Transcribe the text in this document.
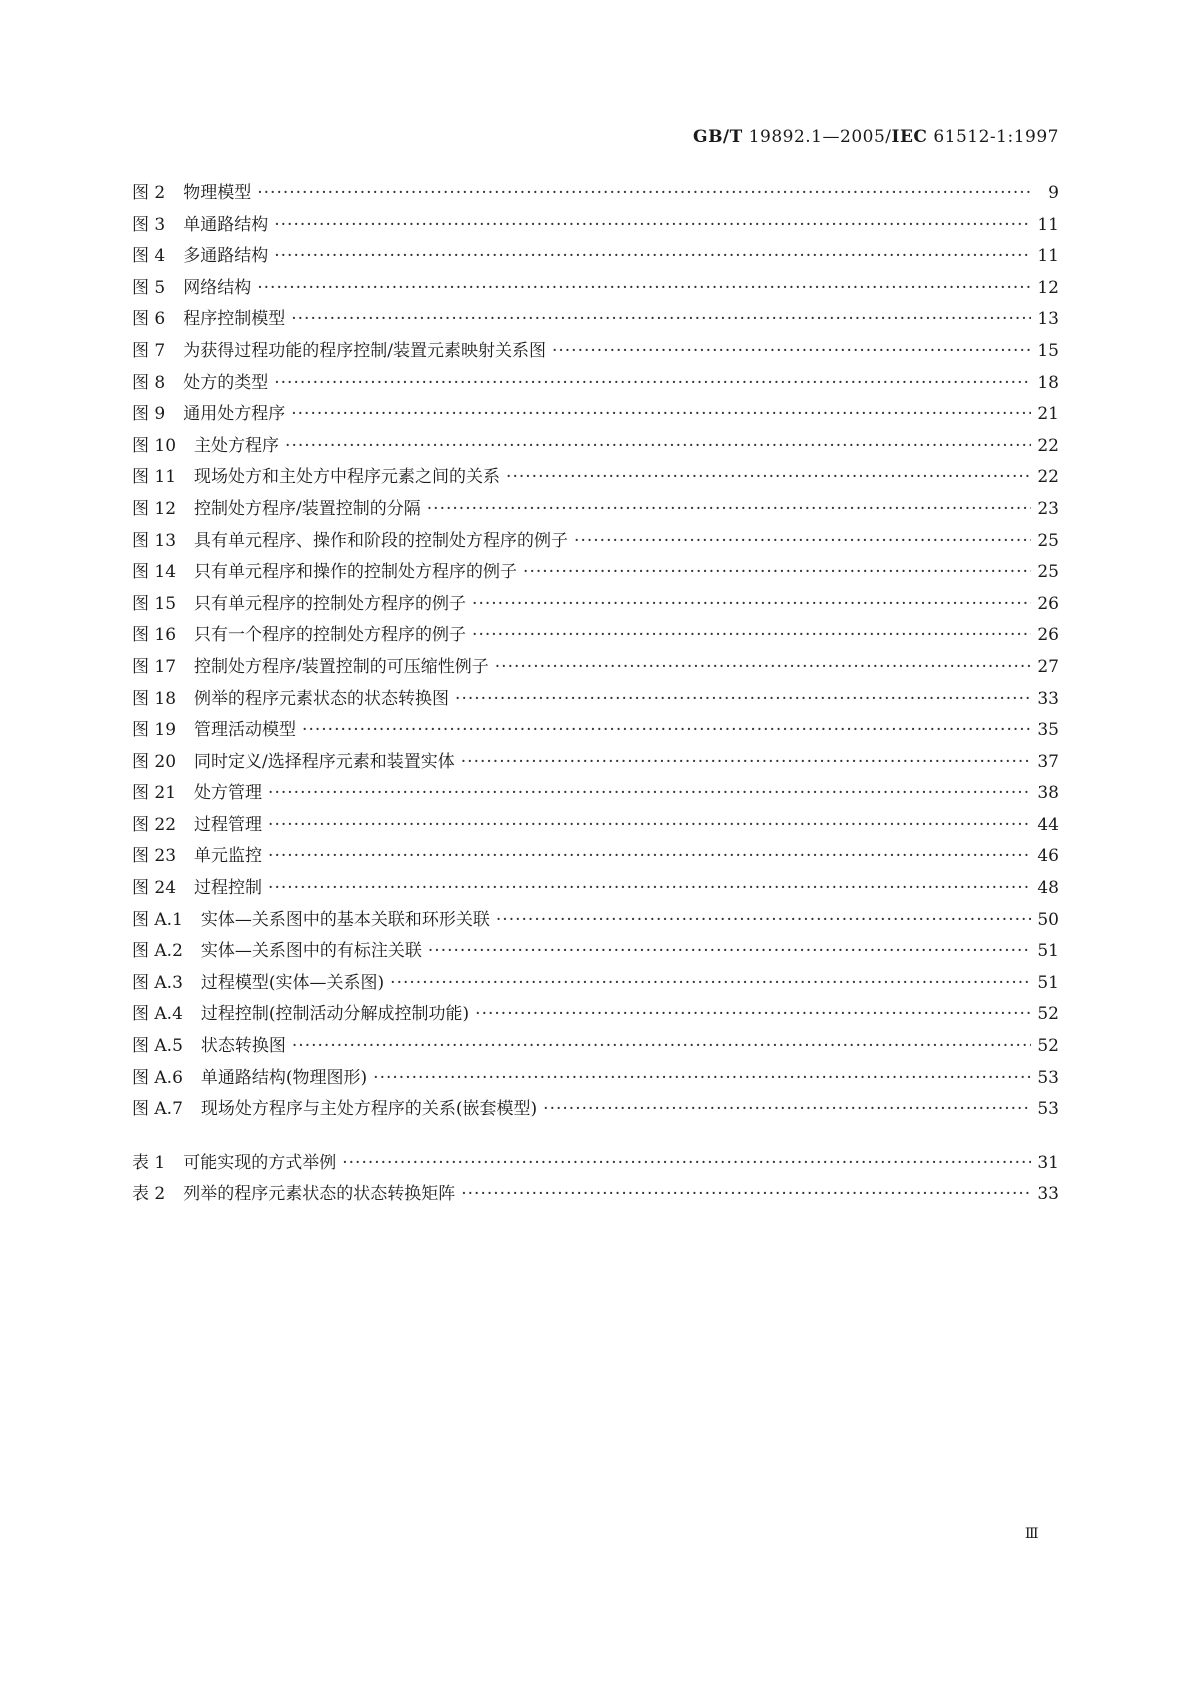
GB/T 19892.1—2005/IEC 61512-1:1997
图 2	物理模型 ·····	9
图 3	单通路结构 ·····	11
图 4	多通路结构 ·····	11
图 5	网络结构 ·····	12
图 6	程序控制模型 ·····	13
图 7	为获得过程功能的程序控制/装置元素映射关系图 ·····	15
图 8	处方的类型 ·····	18
图 9	通用处方程序 ·····	21
图 10	主处方程序 ·····	22
图 11	现场处方和主处方中程序元素之间的关系 ·····	22
图 12	控制处方程序/装置控制的分隔 ·····	23
图 13	具有单元程序、操作和阶段的控制处方程序的例子 ·····	25
图 14	只有单元程序和操作的控制处方程序的例子 ·····	25
图 15	只有单元程序的控制处方程序的例子 ·····	26
图 16	只有一个程序的控制处方程序的例子 ·····	26
图 17	控制处方程序/装置控制的可压缩性例子 ·····	27
图 18	例举的程序元素状态的状态转换图 ·····	33
图 19	管理活动模型 ·····	35
图 20	同时定义/选择程序元素和装置实体 ·····	37
图 21	处方管理 ·····	38
图 22	过程管理 ·····	44
图 23	单元监控 ·····	46
图 24	过程控制 ·····	48
图 A.1	实体—关系图中的基本关联和环形关联 ·····	50
图 A.2	实体—关系图中的有标注关联 ·····	51
图 A.3	过程模型(实体—关系图) ·····	51
图 A.4	过程控制(控制活动分解成控制功能) ·····	52
图 A.5	状态转换图 ·····	52
图 A.6	单通路结构(物理图形) ·····	53
图 A.7	现场处方程序与主处方程序的关系(嵌套模型) ·····	53
表 1	可能实现的方式举例 ·····	31
表 2	列举的程序元素状态的状态转换矩阵 ·····	33
Ⅲ
